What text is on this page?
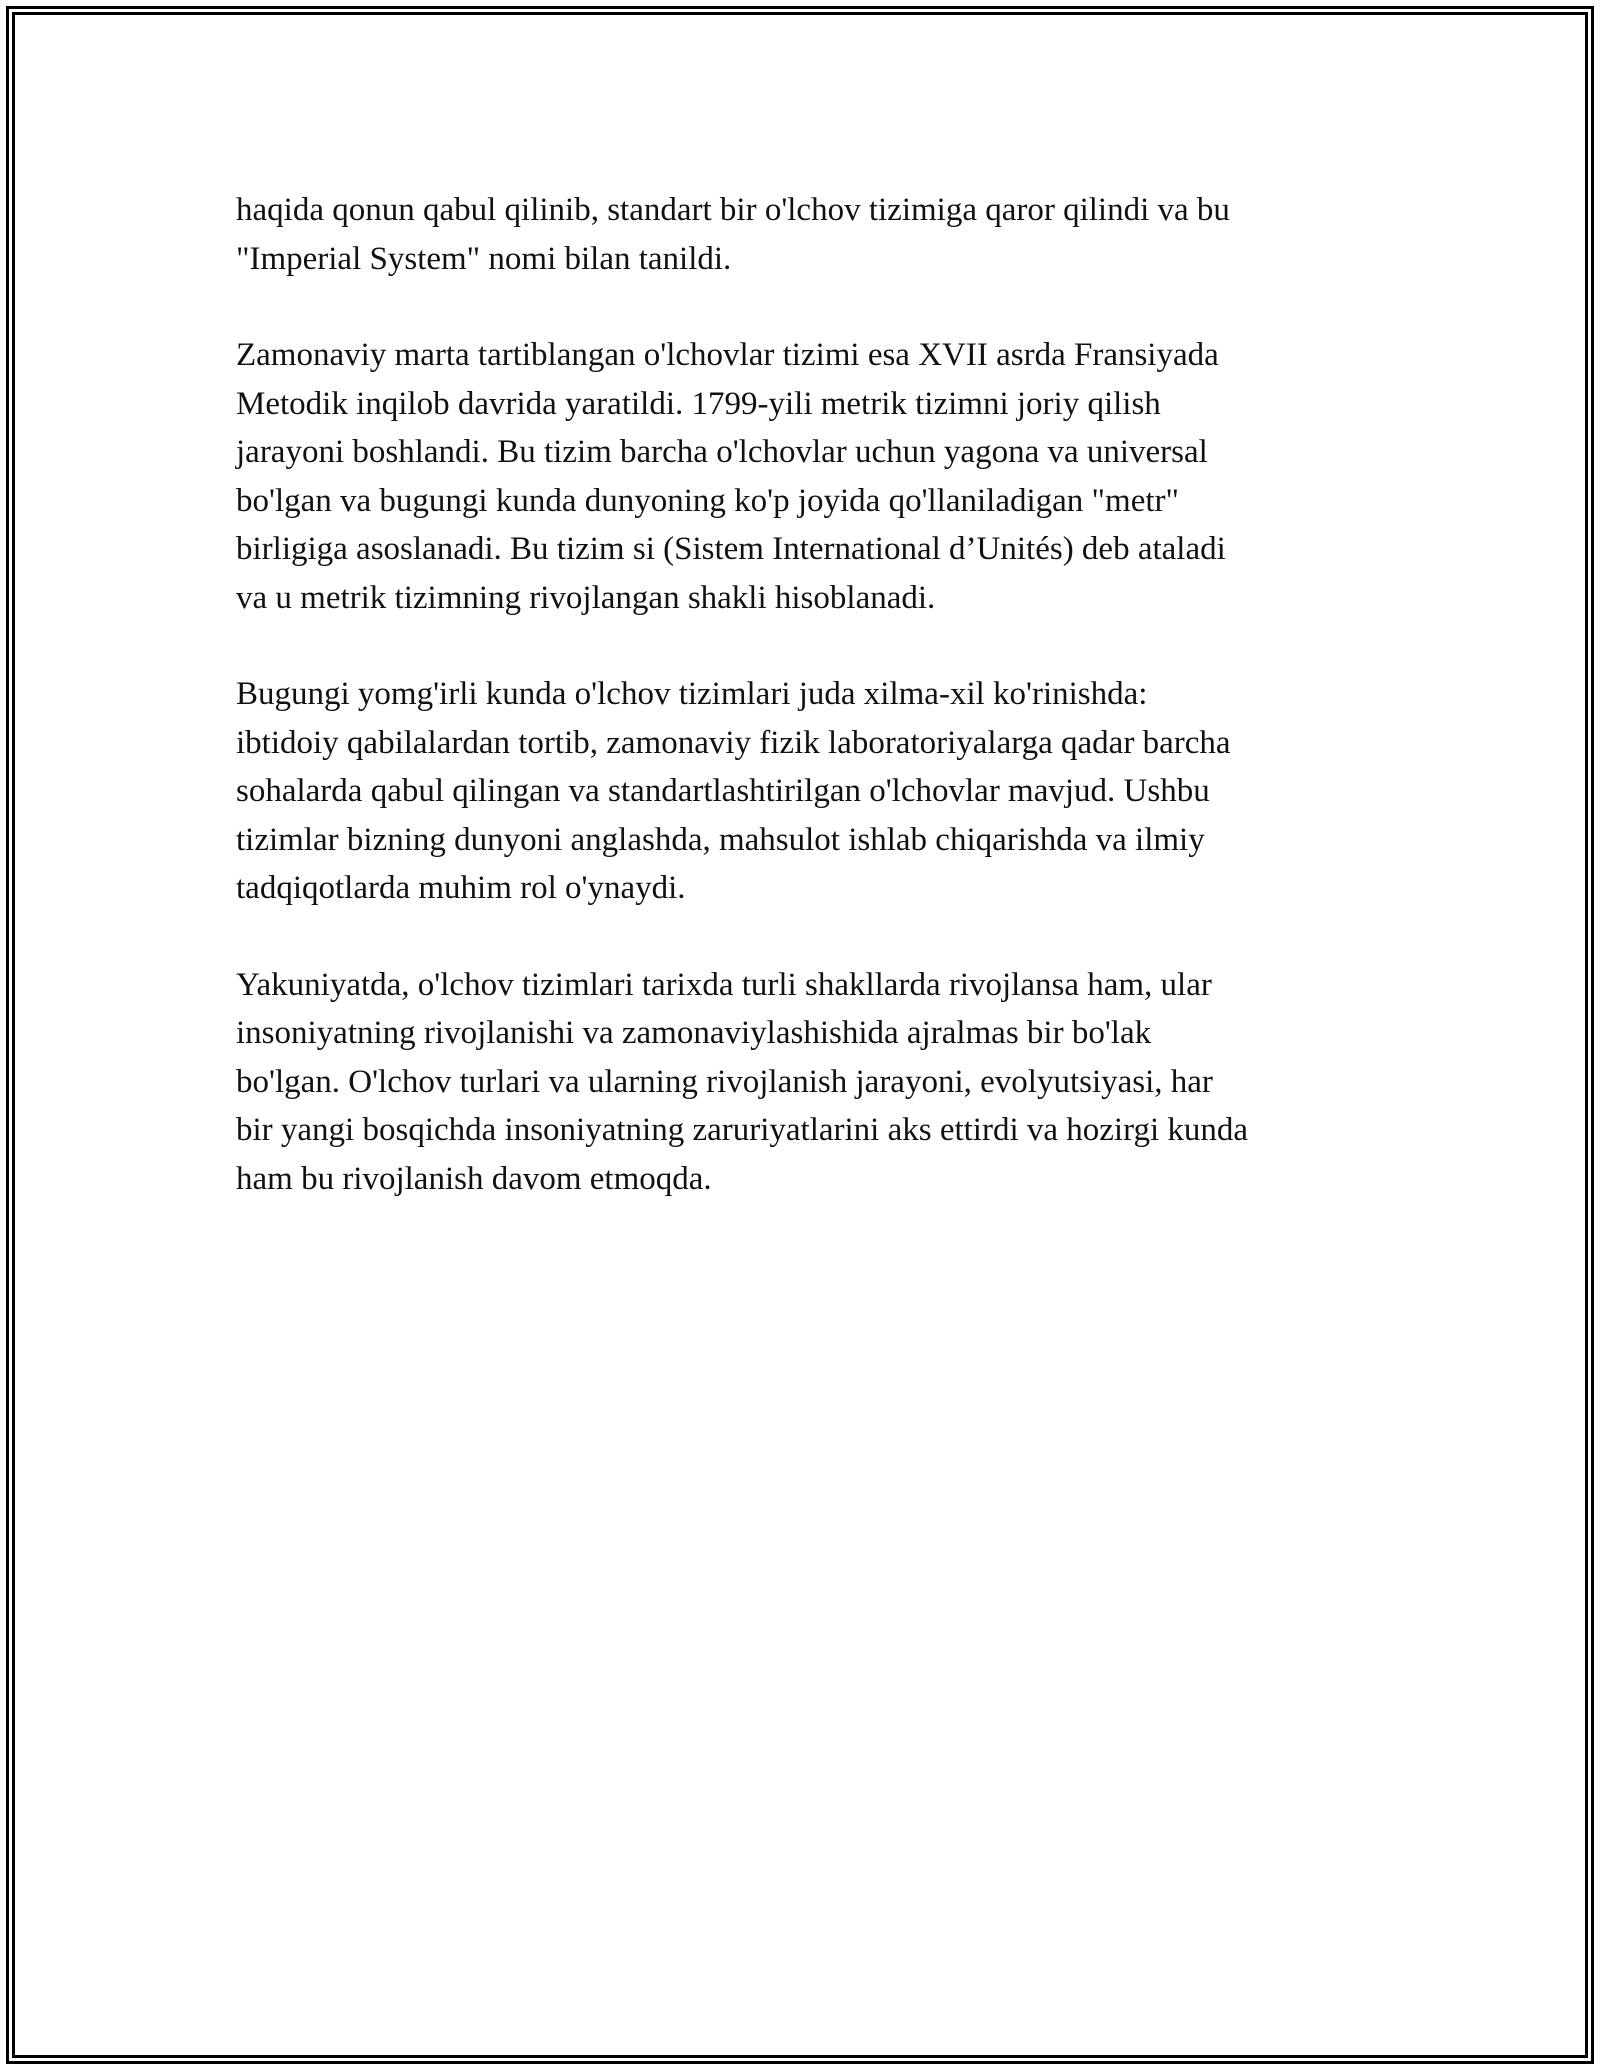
haqida qonun qabul qilinib, standart bir o'lchov tizimiga qaror qilindi va bu
"Imperial System" nomi bilan tanildi.

Zamonaviy marta tartiblangan o'lchovlar tizimi esa XVII asrda Fransiyada
Metodik inqilob davrida yaratildi. 1799-yili metrik tizimni joriy qilish
jarayoni boshlandi. Bu tizim barcha o'lchovlar uchun yagona va universal
bo'lgan va bugungi kunda dunyoning ko'p joyida qo'llaniladigan "metr"
birligiga asoslanadi. Bu tizim si (Sistem International d’Unités) deb ataladi
va u metrik tizimning rivojlangan shakli hisoblanadi.

Bugungi yomg'irli kunda o'lchov tizimlari juda xilma-xil ko'rinishda:
ibtidoiy qabilalardan tortib, zamonaviy fizik laboratoriyalarga qadar barcha
sohalarda qabul qilingan va standartlashtirilgan o'lchovlar mavjud. Ushbu
tizimlar bizning dunyoni anglashda, mahsulot ishlab chiqarishda va ilmiy
tadqiqotlarda muhim rol o'ynaydi.

Yakuniyatda, o'lchov tizimlari tarixda turli shakllarda rivojlansa ham, ular
insoniyatning rivojlanishi va zamonaviylashishida ajralmas bir bo'lak
bo'lgan. O'lchov turlari va ularning rivojlanish jarayoni, evolyutsiyasi, har
bir yangi bosqichda insoniyatning zaruriyatlarini aks ettirdi va hozirgi kunda
ham bu rivojlanish davom etmoqda.
